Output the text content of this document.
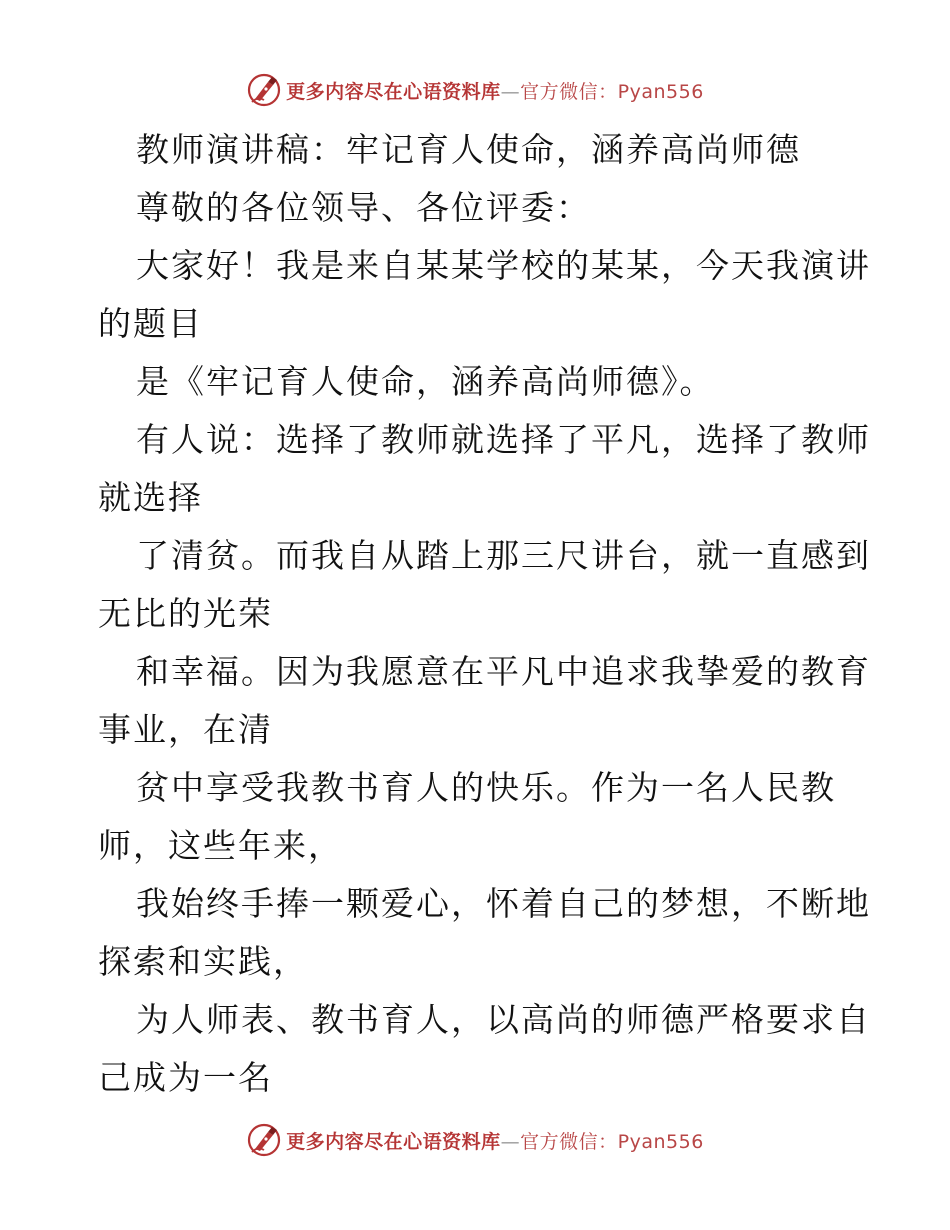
更多内容尽在心语资料库—官方微信：Pyan556
教师演讲稿：牢记育人使命，涵养高尚师德
尊敬的各位领导、各位评委：
大家好！我是来自某某学校的某某，今天我演讲
的题目
是《牢记育人使命，涵养高尚师德》。
有人说：选择了教师就选择了平凡，选择了教师
就选择
了清贫。而我自从踏上那三尺讲台，就一直感到
无比的光荣
和幸福。因为我愿意在平凡中追求我挚爱的教育
事业，在清
贫中享受我教书育人的快乐。作为一名人民教
师，这些年来，
我始终手捧一颗爱心，怀着自己的梦想，不断地
探索和实践，
为人师表、教书育人，以高尚的师德严格要求自
己成为一名
更多内容尽在心语资料库—官方微信：Pyan556
